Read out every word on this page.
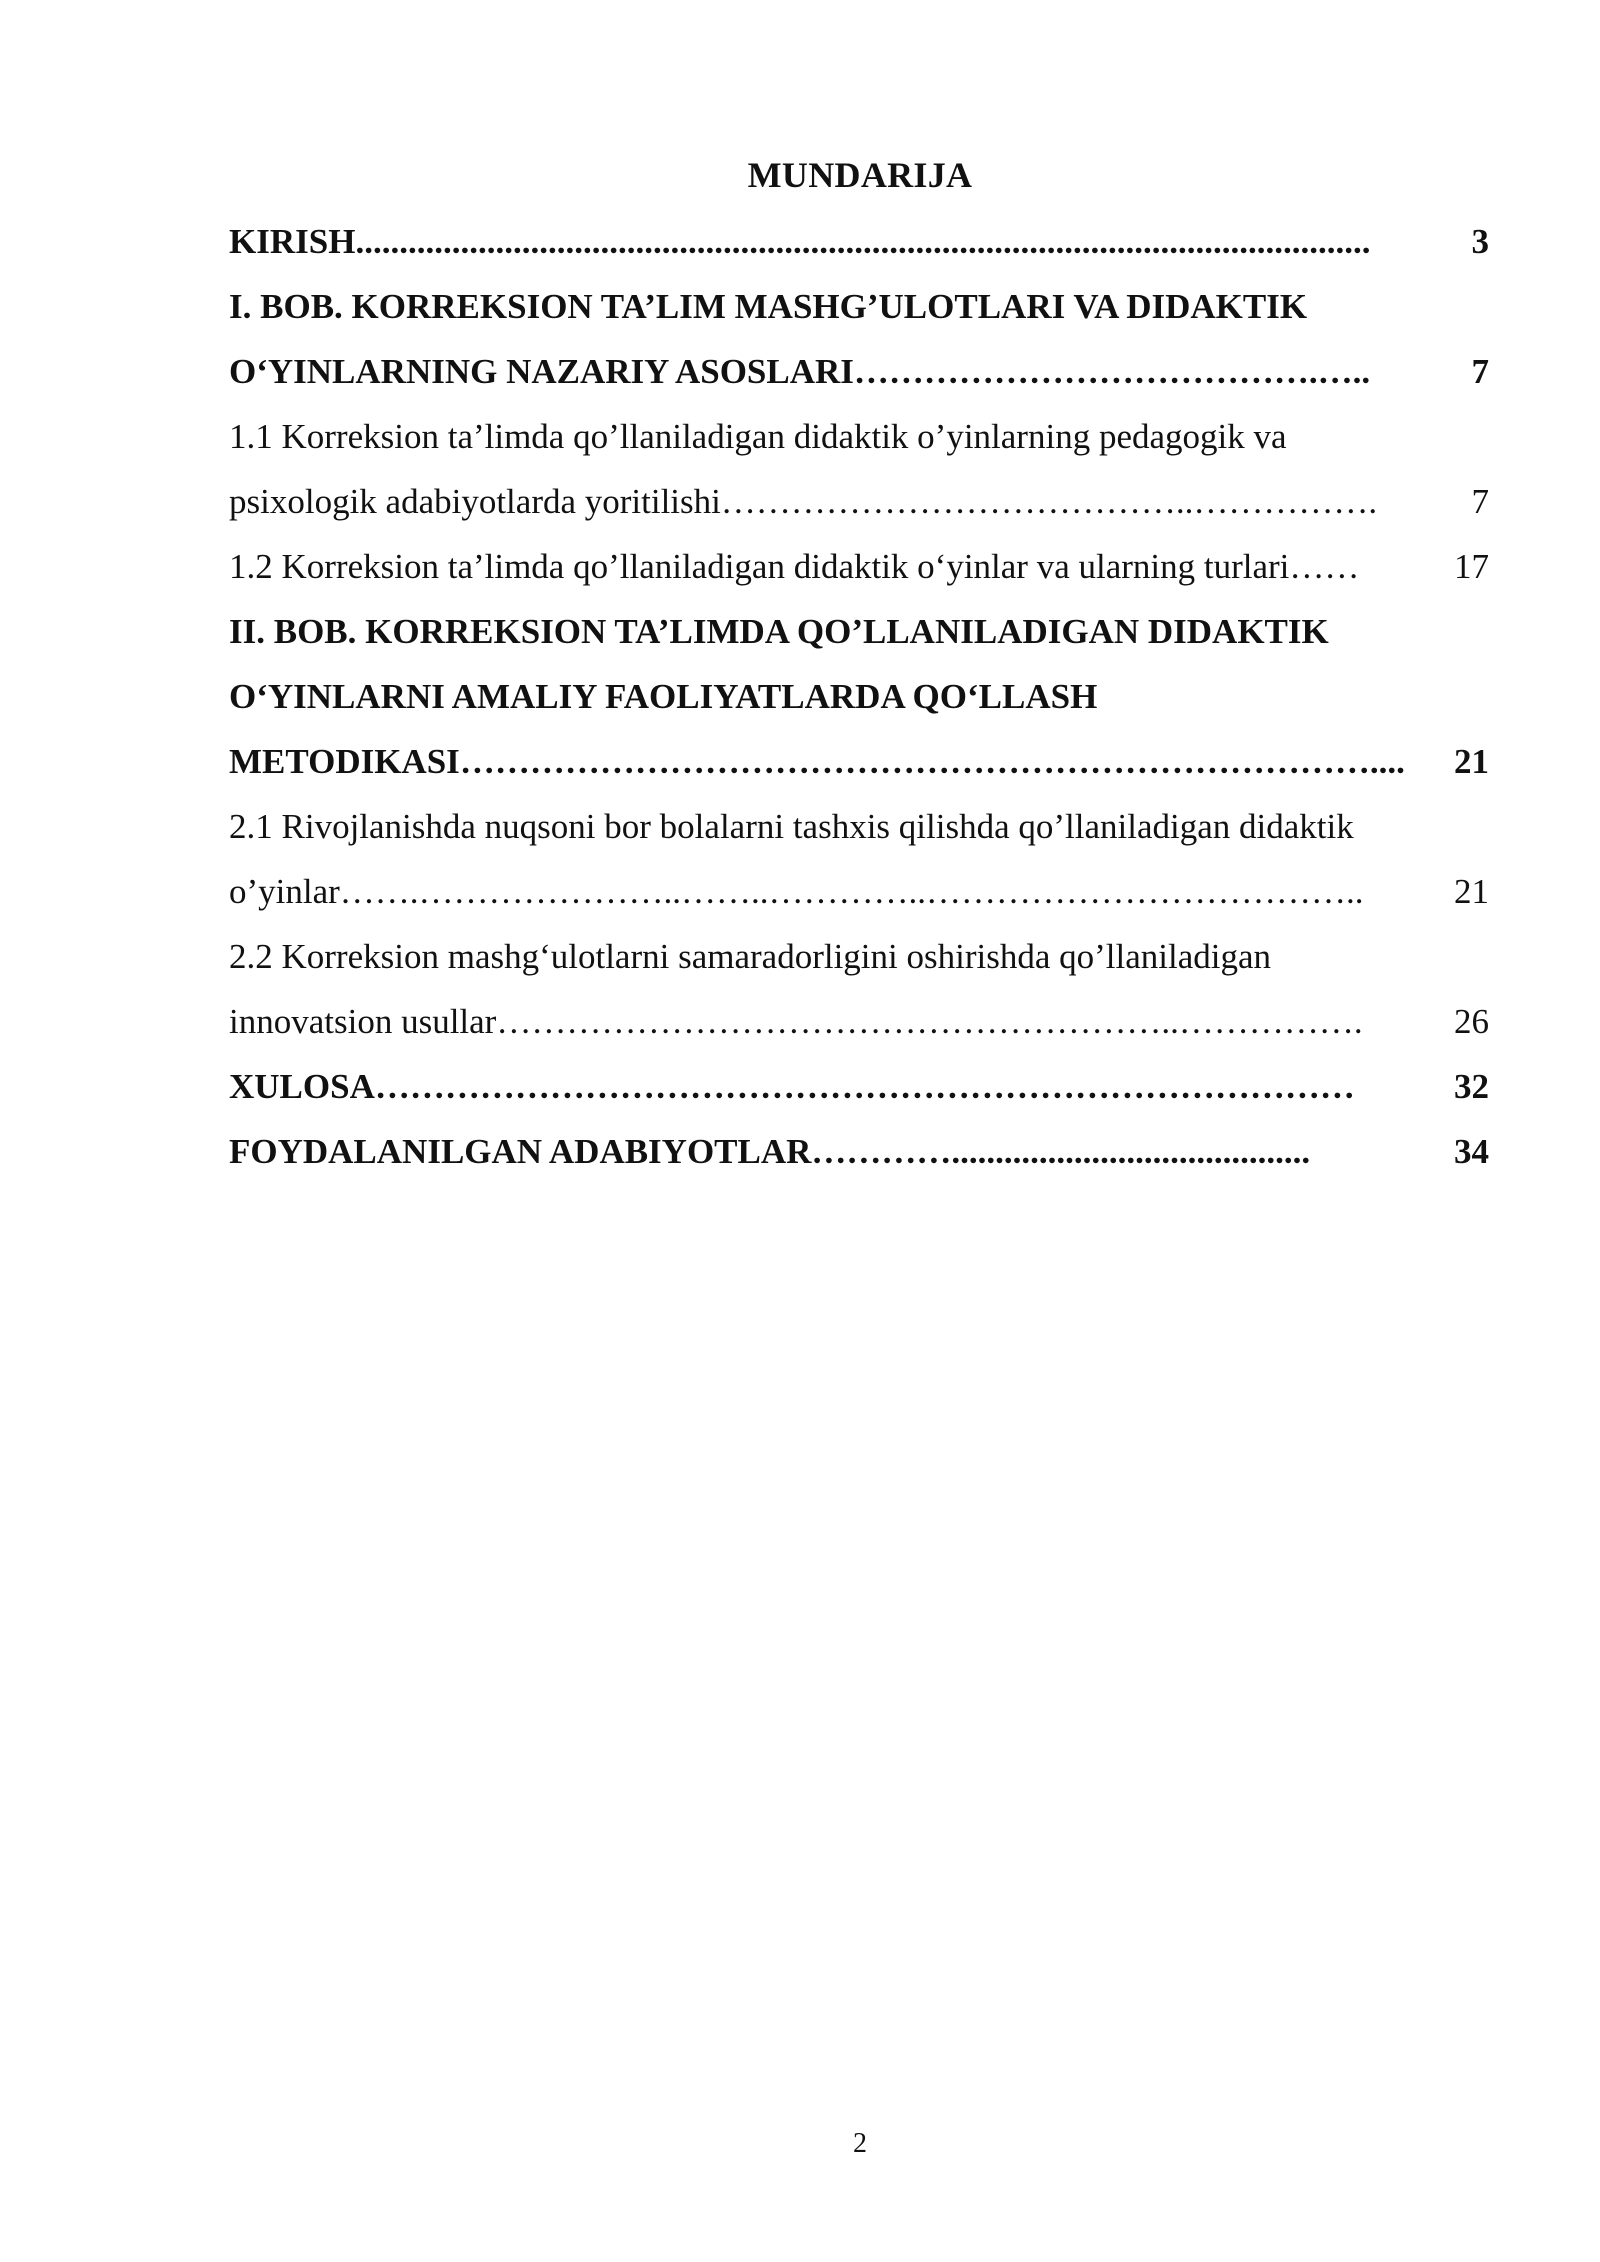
MUNDARIJA
KIRISH ....................................................................................................................	3
I. BOB. KORREKSION TA’LIM MASHG’ULOTLARI VA DIDAKTIK
O‘YINLARNING NAZARIY ASOSLARI ………………………………….…..	7
1.1 Korreksion ta’limda qo’llaniladigan didaktik o’yinlarning pedagogik va
psixologik adabiyotlarda yoritilishi …………………………………..…………….	7
1.2 Korreksion ta’limda qo’llaniladigan didaktik o‘yinlar va ularning turlari ……	17
II. BOB. KORREKSION TA’LIMDA QO’LLANILADIGAN DIDAKTIK
O‘YINLARNI AMALIY FAOLIYATLARDA QO‘LLASH
METODIKASI ……………………………………………………………………....	21
2.1 Rivojlanishda nuqsoni bor bolalarni tashxis qilishda qo’llaniladigan didaktik
o’yinlar …….…………………..……..…………..………………………………..	21
2.2 Korreksion mashg‘ulotlarni samaradorligini oshirishda qo’llaniladigan
innovatsion usullar …………………………………………………..…………….	26
XULOSA …………………………………………………………………………	32
FOYDALANILGAN ADABIYOTLAR ………….........................................	34
2
